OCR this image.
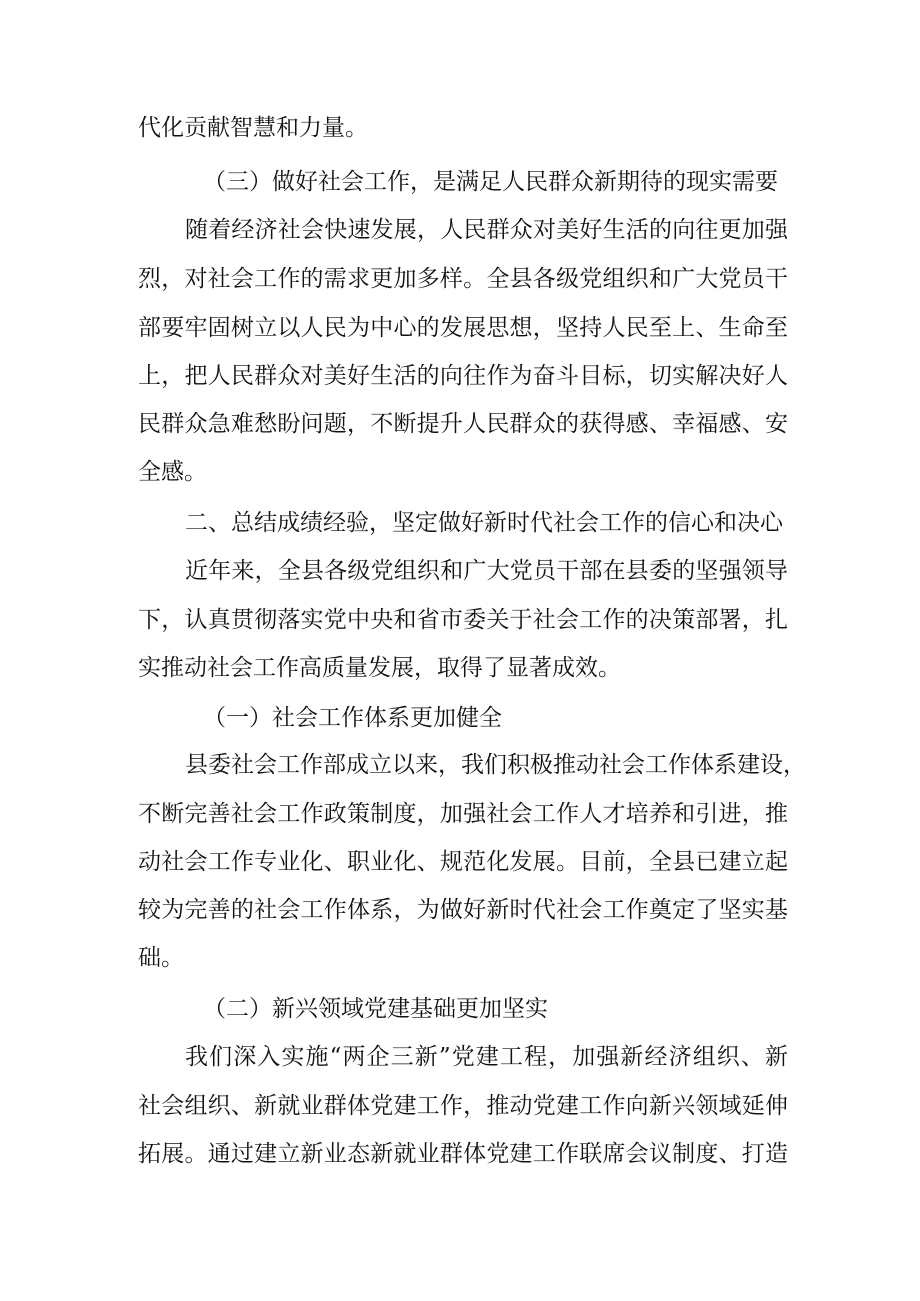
代化贡献智慧和力量。
（三）做好社会工作，是满足人民群众新期待的现实需要
随着经济社会快速发展，人民群众对美好生活的向往更加强
烈，对社会工作的需求更加多样。全县各级党组织和广大党员干
部要牢固树立以人民为中心的发展思想，坚持人民至上、生命至
上，把人民群众对美好生活的向往作为奋斗目标，切实解决好人
民群众急难愁盼问题，不断提升人民群众的获得感、幸福感、安
全感。
二、总结成绩经验，坚定做好新时代社会工作的信心和决心
近年来，全县各级党组织和广大党员干部在县委的坚强领导
下，认真贯彻落实党中央和省市委关于社会工作的决策部署，扎
实推动社会工作高质量发展，取得了显著成效。
（一）社会工作体系更加健全
县委社会工作部成立以来，我们积极推动社会工作体系建设，
不断完善社会工作政策制度，加强社会工作人才培养和引进，推
动社会工作专业化、职业化、规范化发展。目前，全县已建立起
较为完善的社会工作体系，为做好新时代社会工作奠定了坚实基
础。
（二）新兴领域党建基础更加坚实
我们深入实施“两企三新”党建工程，加强新经济组织、新
社会组织、新就业群体党建工作，推动党建工作向新兴领域延伸
拓展。通过建立新业态新就业群体党建工作联席会议制度、打造
